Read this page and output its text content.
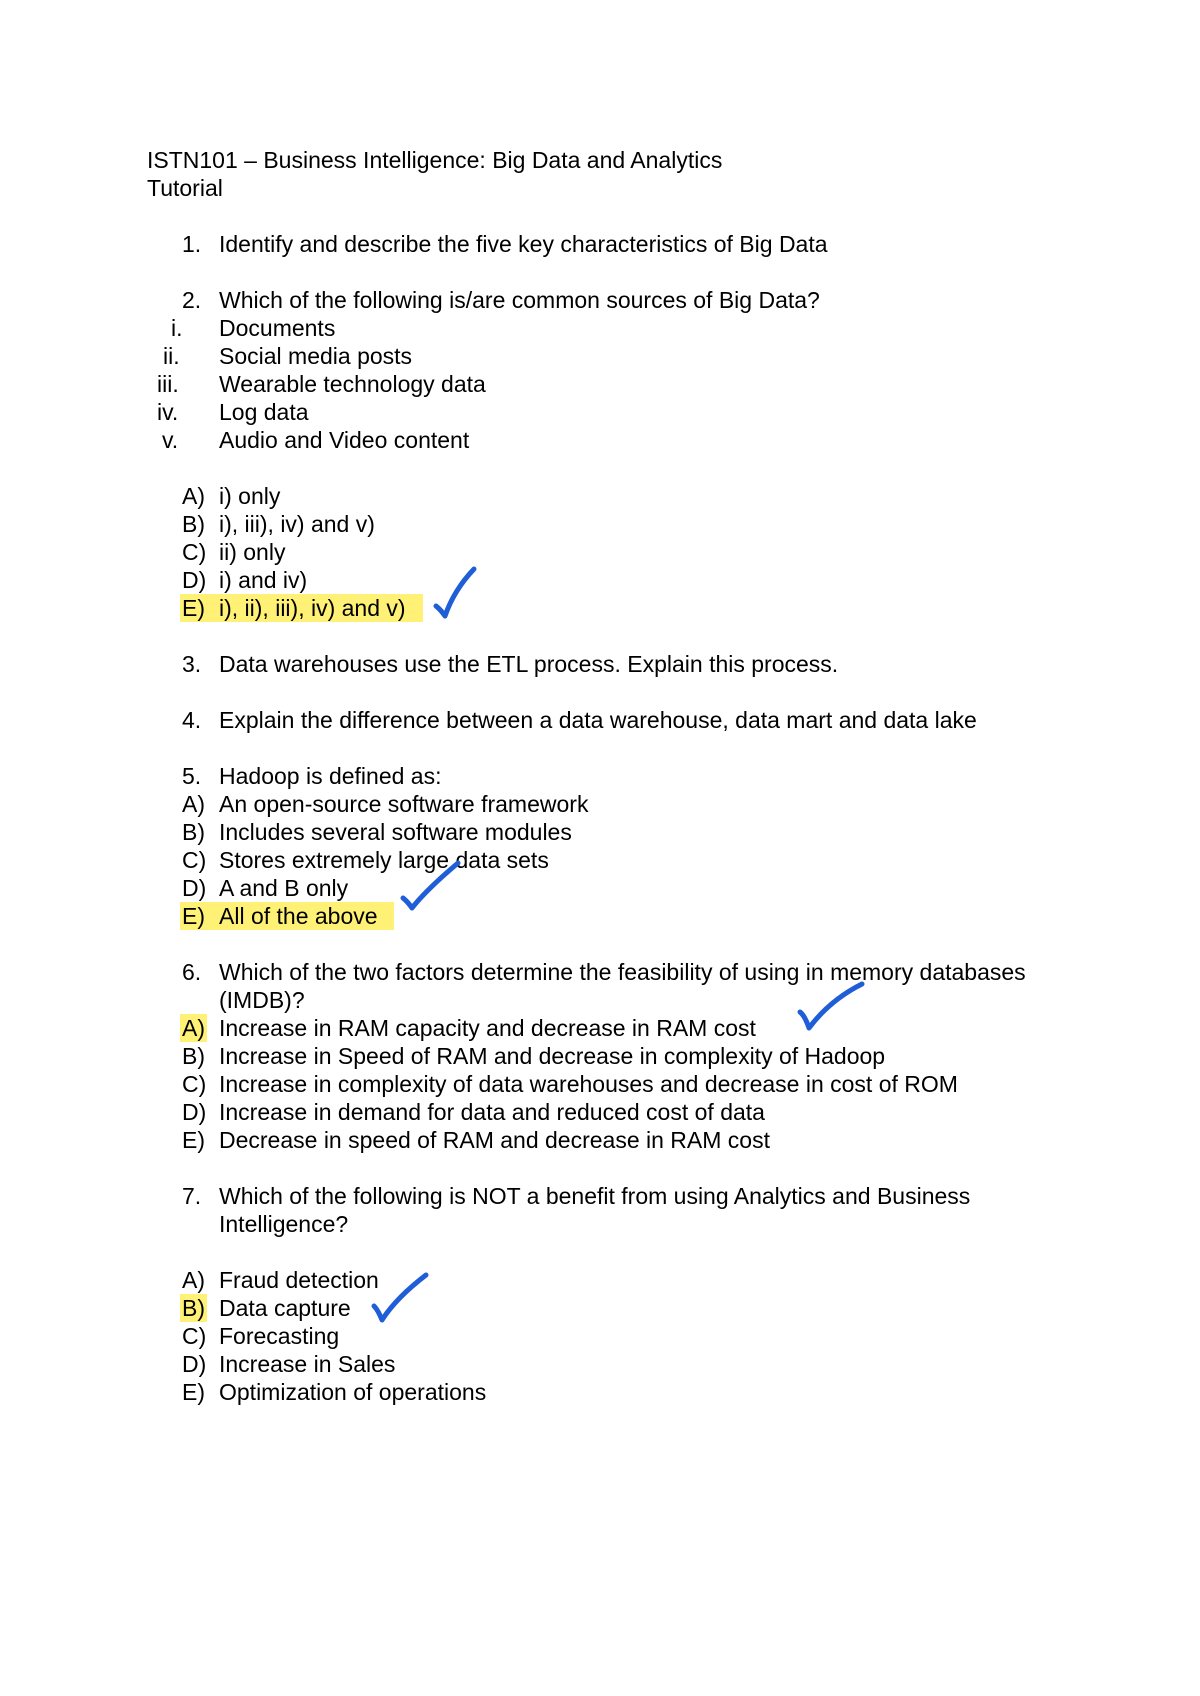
ISTN101 – Business Intelligence: Big Data and Analytics

Tutorial

1. Identify and describe the five key characteristics of Big Data

2. Which of the following is/are common sources of Big Data?

i. Documents

ii. Social media posts

iii. Wearable technology data

iv. Log data

v. Audio and Video content

A) i) only

B) i), iii), iv) and v)

C) ii) only

D) i) and iv)

E) i), ii), iii), iv) and v)

3. Data warehouses use the ETL process. Explain this process.

4. Explain the difference between a data warehouse, data mart and data lake

5. Hadoop is defined as:

A) An open-source software framework

B) Includes several software modules

C) Stores extremely large data sets

D) A and B only

E) All of the above

6. Which of the two factors determine the feasibility of using in memory databases

(IMDB)?

A) Increase in RAM capacity and decrease in RAM cost

B) Increase in Speed of RAM and decrease in complexity of Hadoop

C) Increase in complexity of data warehouses and decrease in cost of ROM

D) Increase in demand for data and reduced cost of data

E) Decrease in speed of RAM and decrease in RAM cost

7. Which of the following is NOT a benefit from using Analytics and Business

Intelligence?

A) Fraud detection

B) Data capture

C) Forecasting

D) Increase in Sales

E) Optimization of operations
